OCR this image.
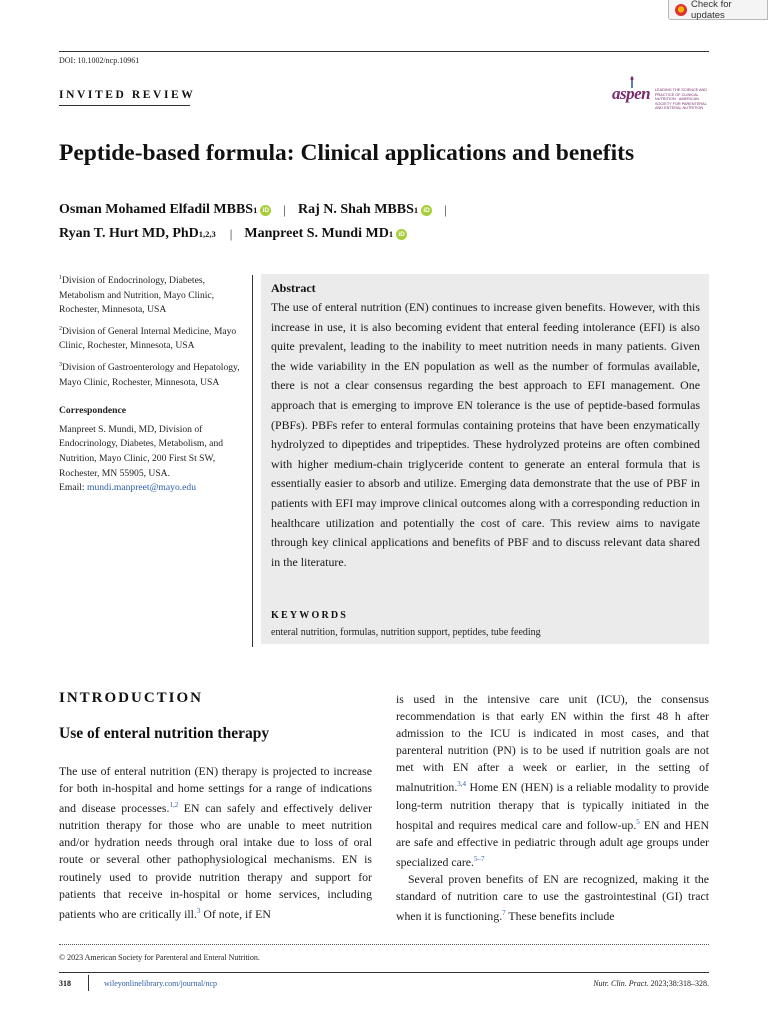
Check for updates
DOI: 10.1002/ncp.10961
INVITED REVIEW	aspen LEADING THE SCIENCE AND PRACTICE OF CLINICAL NUTRITION · AMERICAN SOCIETY FOR PARENTERAL AND ENTERAL NUTRITION
Peptide-based formula: Clinical applications and benefits
Osman Mohamed Elfadil MBBS 1 iD | Raj N. Shah MBBS 1 iD |
Ryan T. Hurt MD, PhD 1,2,3 | Manpreet S. Mundi MD 1 iD

$^1$Division of Endocrinology, Diabetes, Metabolism and Nutrition, Mayo Clinic, Rochester, Minnesota, USA

$^2$Division of General Internal Medicine, Mayo Clinic, Rochester, Minnesota, USA

$^3$Division of Gastroenterology and Hepatology, Mayo Clinic, Rochester, Minnesota, USA

Correspondence

Manpreet S. Mundi, MD, Division of Endocrinology, Diabetes, Metabolism, and Nutrition, Mayo Clinic, 200 First St SW, Rochester, MN 55905, USA.
Email: mundi.manpreet@mayo.edu

Abstract
The use of enteral nutrition (EN) continues to increase given benefits. However, with this increase in use, it is also becoming evident that enteral feeding intolerance (EFI) is also quite prevalent, leading to the inability to meet nutrition needs in many patients. Given the wide variability in the EN population as well as the number of formulas available, there is not a clear consensus regarding the best approach to EFI management. One approach that is emerging to improve EN tolerance is the use of peptide-based formulas (PBFs). PBFs refer to enteral formulas containing proteins that have been enzymatically hydrolyzed to dipeptides and tripeptides. These hydrolyzed proteins are often combined with higher medium-chain triglyceride content to generate an enteral formula that is essentially easier to absorb and utilize. Emerging data demonstrate that the use of PBF in patients with EFI may improve clinical outcomes along with a corresponding reduction in healthcare utilization and potentially the cost of care. This review aims to navigate through key clinical applications and benefits of PBF and to discuss relevant data shared in the literature.
KEYWORDS
enteral nutrition, formulas, nutrition support, peptides, tube feeding
INTRODUCTION
Use of enteral nutrition therapy

The use of enteral nutrition (EN) therapy is projected to increase for both in-hospital and home settings for a range of indications and disease processes.$^{1,2}$ EN can safely and effectively deliver nutrition therapy for those who are unable to meet nutrition and/or hydration needs through oral intake due to loss of oral route or several other pathophysiological mechanisms. EN is routinely used to provide nutrition therapy and support for patients that receive in-hospital or home services, including patients who are critically ill.$^3$ Of note, if EN

is used in the intensive care unit (ICU), the consensus recommendation is that early EN within the first 48 h after admission to the ICU is indicated in most cases, and that parenteral nutrition (PN) is to be used if nutrition goals are not met with EN after a week or earlier, in the setting of malnutrition.$^{3,4}$ Home EN (HEN) is a reliable modality to provide long-term nutrition therapy that is typically initiated in the hospital and requires medical care and follow-up.$^5$ EN and HEN are safe and effective in pediatric through adult age groups under specialized care.$^{5-7}$

Several proven benefits of EN are recognized, making it the standard of nutrition care to use the gastrointestinal (GI) tract when it is functioning.$^7$ These benefits include

© 2023 American Society for Parenteral and Enteral Nutrition.
318	wileyonlinelibrary.com/journal/ncp	Nutr. Clin. Pract. 2023;38:318–328.
